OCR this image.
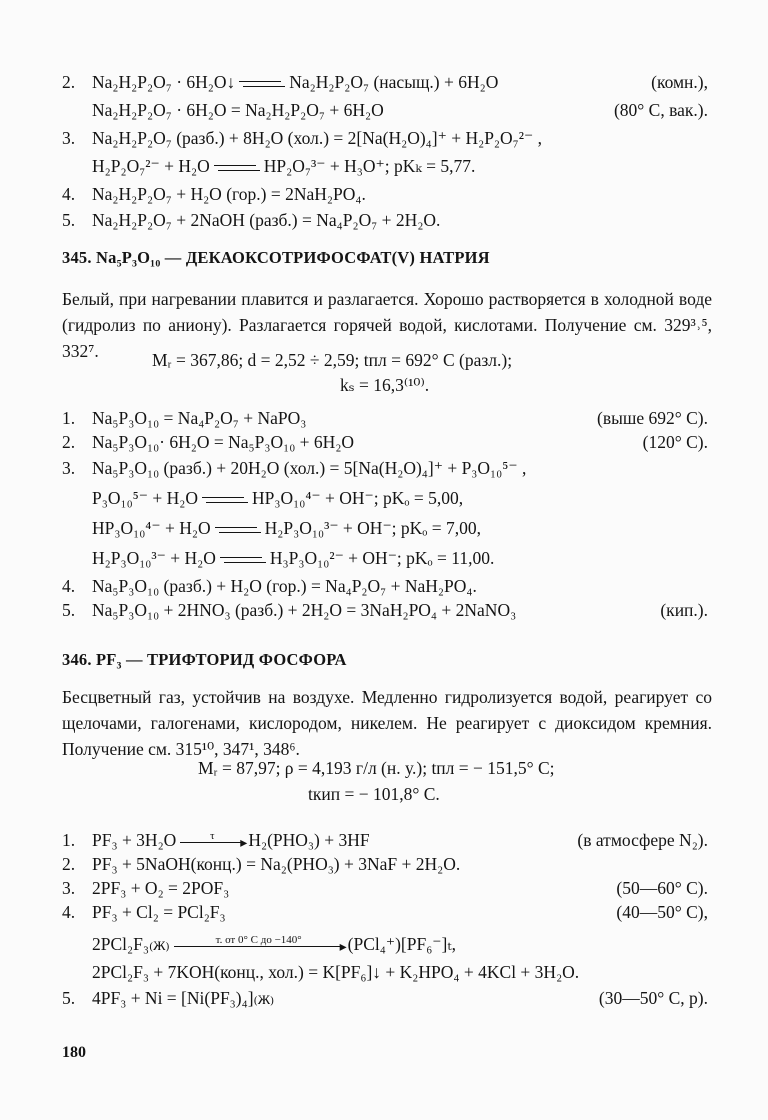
2. Na₂H₂P₂O₇ · 6H₂O↓	Na₂H₂P₂O₇ (насыщ.) + 6H₂O	(комн.),
Na₂H₂P₂O₇ · 6H₂O = Na₂H₂P₂O₇ + 6H₂O	(80° С, вак.).
3. Na₂H₂P₂O₇ (разб.) + 8H₂O (хол.) = 2[Na(H₂O)₄]⁺ + H₂P₂O₇²⁻ ,
H₂P₂O₇²⁻ + H₂O	HP₂O₇³⁻ + H₃O⁺; pKₖ = 5,77.
4. Na₂H₂P₂O₇ + H₂O (гор.) = 2NaH₂PO₄.
5. Na₂H₂P₂O₇ + 2NaOH (разб.) = Na₄P₂O₇ + 2H₂O.
345. Na₅P₃O₁₀ — ДЕКАОКСОТРИФОСФАТ(V) НАТРИЯ
Белый, при нагревании плавится и разлагается. Хорошо растворяется в холодной воде (гидролиз по аниону). Разлагается горячей водой, кислотами. Получение см. 329³˒⁵, 332⁷.	Mᵣ = 367,86; d = 2,52 ÷ 2,59; tпл = 692° С (разл.);
kₛ = 16,3⁽¹⁰⁾.
1. Na₅P₃O₁₀ = Na₄P₂O₇ + NaPO₃	(выше 692° С).
2. Na₅P₃O₁₀· 6H₂O = Na₅P₃O₁₀ + 6H₂O	(120° С).
3. Na₅P₃O₁₀ (разб.) + 20H₂O (хол.) = 5[Na(H₂O)₄]⁺ + P₃O₁₀⁵⁻ ,
P₃O₁₀⁵⁻ + H₂O	HP₃O₁₀⁴⁻ + OH⁻; pKₒ = 5,00,
HP₃O₁₀⁴⁻ + H₂O	H₂P₃O₁₀³⁻ + OH⁻; pKₒ = 7,00,
H₂P₃O₁₀³⁻ + H₂O	H₃P₃O₁₀²⁻ + OH⁻; pKₒ = 11,00.
4. Na₅P₃O₁₀ (разб.) + H₂O (гор.) = Na₄P₂O₇ + NaH₂PO₄.
5. Na₅P₃O₁₀ + 2HNO₃ (разб.) + 2H₂O = 3NaH₂PO₄ + 2NaNO₃	(кип.).
346. PF₃ — ТРИФТОРИД ФОСФОРА
Бесцветный газ, устойчив на воздухе. Медленно гидролизуется водой, реагирует со щелочами, галогенами, кислородом, никелем. Не реагирует с диоксидом кремния. Получение см. 315¹⁰, 347¹, 348⁶.
Mᵣ = 87,97; ρ = 4,193 г/л (н. у.); tпл = − 151,5° С;
tкип = − 101,8° С.
1. PF₃ + 3H₂O	τ
▸	H₂(PHO₃) + 3HF	(в атмосфере N₂).
2. PF₃ + 5NaOH(конц.) = Na₂(PHO₃) + 3NaF + 2H₂O.
3. 2PF₃ + O₂ = 2POF₃	(50—60° С).
4. PF₃ + Cl₂ = PCl₂F₃	(40—50° С),
2PCl₂F₃₍ж₎	т. от 0° С до −140°
▸	(PCl₄⁺)[PF₆⁻]ₜ,
2PCl₂F₃ + 7KOH(конц., хол.) = K[PF₆]↓ + K₂HPO₄ + 4KCl + 3H₂O.
5. 4PF₃ + Ni = [Ni(PF₃)₄]₍ж₎	(30—50° С, p).
180
